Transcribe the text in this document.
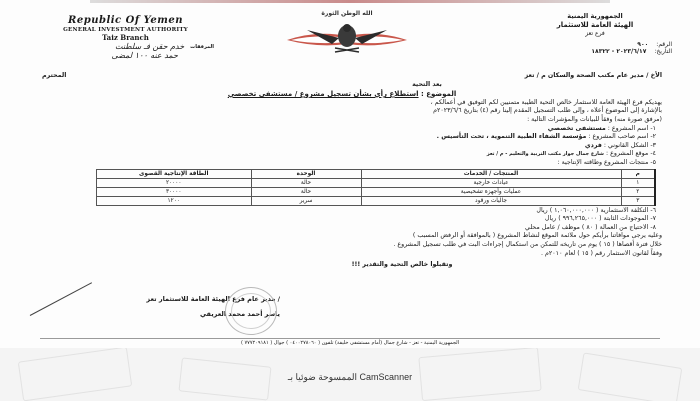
Republic Of Yemen
GENERAL INVESTMENT AUTHORITY
Taiz Branch
المرفقات
خدم حقن فـ سلطنت
حمد عنه ١٠٠ لمضى
الله الوطن الثورة	الجمهورية اليمنية
الهيئة العامة للاستثمار
فرع تعز
الرقم:
٩٠٠
التاريخ:
٢٠٢٣/٦/١٧ - ١٨٣٢٢
الأخ / مدير عام مكتب الصحة والسكان م / تعز
المحترم
بعد التحية
الموضوع : استطلاع رأي بشأن تسجيل مشروع / مستشفى تخصصي
يهديكم فرع الهيئة العامة للاستثمار خالص التحية الطيبة متمنيين لكم التوفيق في أعمالكم ،
بالإشارة إلى الموضوع أعلاه ، وإلى طلب التسجيل المقدم إلينا رقم (٤) بتاريخ ٢٠٢٣/٦/٦م
(مرفق صورة منه) وفقاً للبيانات والمؤشرات التالية :
١- اسم المشروع : مستشفى تخصصي
٢- اسم صاحب المشروع : مؤسسة الشفاء الطبية التنموية ، تحت التأسيس .
٣- الشكل القانوني : فردي
٤- موقع المشروع : شارع جمال جوار مكتب التربية والتعليم - م / تعز
٥- منتجات المشروع وطاقته الإنتاجية :
م	المنتجات / الخدمات	الوحدة	الطاقة الإنتاجية القصوى
١	عيادات خارجية	حالة	٢٠٠٠٠
٢	عمليات وأجهزة تشخيصية	حالة	٣٠٠٠٠
٣	جاليات ورقود	سرير	١٢٠٠
٦- التكلفة الاستثمارية ( ١,٠٦٠,٠٠٠,٠٠٠ ) ريال
٧- الموجودات الثابتة ( ٩٩٦,٢٦٥,٠٠٠ ) ريال
٨- الاحتياج من العمالة ( ٨٠ ) موظف / عامل محلي
وعليه يرجى موافاتنا برأيكم حول ملائمة الموقع لنشاط المشروع ( بالموافقة أو الرفض المسبب )
خلال فترة أقصاها ( ١٥ ) يوم من تاريخه للتمكن من استكمال إجراءات البت في طلب تسجيل المشروع .
وفقاً لقانون الاستثمار رقم ( ١٥ ) لعام ٢٠١٠م .
وتقبلوا خالص التحية والتقدير !!!
/ مدير عام فرع الهيئة العامة للاستثمار تعز
ياسر أحمد محمد العريقي
الجمهورية اليمنية - تعز - شارع جمال (أمام مستشفى خليفة) تلفون ( ٠٤٠٠٢٧٨٠٦٠ ) جوال ( ٧٧٧٢٠٩١٨١ )
الممسوحة ضوئيا بـ CamScanner
